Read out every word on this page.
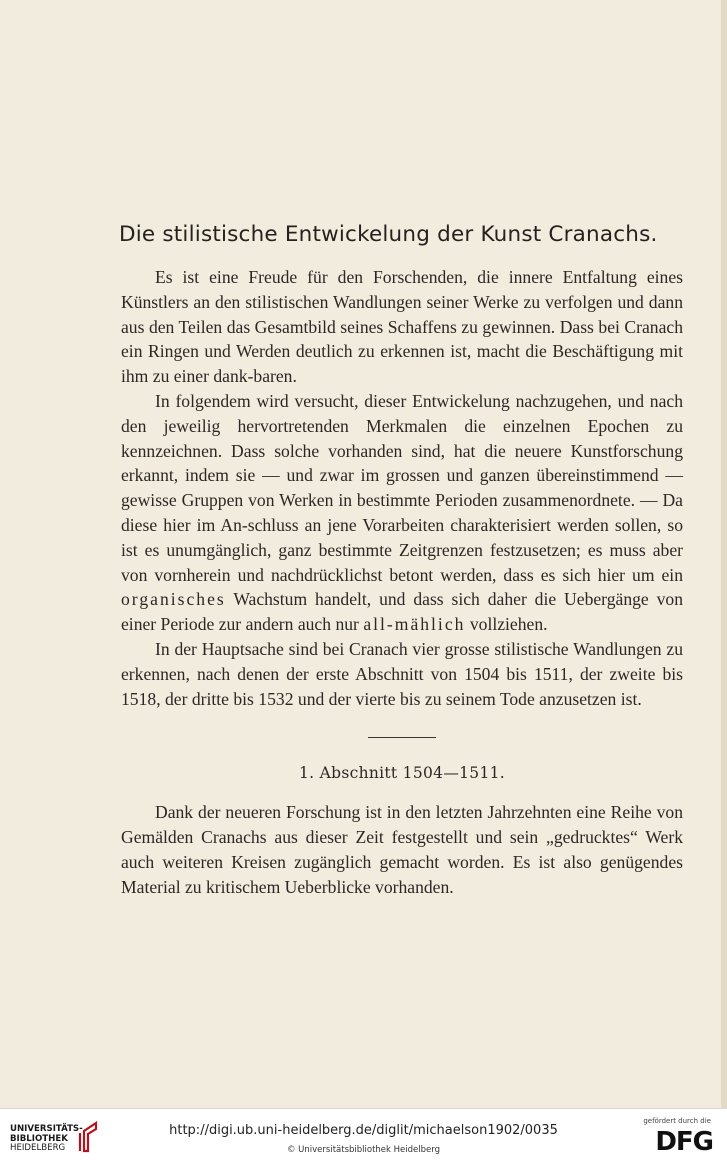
Die stilistische Entwickelung der Kunst Cranachs.

Es ist eine Freude für den Forschenden, die innere Entfaltung eines Künstlers an den stilistischen Wandlungen seiner Werke zu verfolgen und dann aus den Teilen das Gesamtbild seines Schaffens zu gewinnen. Dass bei Cranach ein Ringen und Werden deutlich zu erkennen ist, macht die Beschäftigung mit ihm zu einer dank-baren.

In folgendem wird versucht, dieser Entwickelung nachzugehen, und nach den jeweilig hervortretenden Merkmalen die einzelnen Epochen zu kennzeichnen. Dass solche vorhanden sind, hat die neuere Kunstforschung erkannt, indem sie — und zwar im grossen und ganzen übereinstimmend — gewisse Gruppen von Werken in bestimmte Perioden zusammenordnete. — Da diese hier im An-schluss an jene Vorarbeiten charakterisiert werden sollen, so ist es unumgänglich, ganz bestimmte Zeitgrenzen festzusetzen; es muss aber von vornherein und nachdrücklichst betont werden, dass es sich hier um ein organisches Wachstum handelt, und dass sich daher die Uebergänge von einer Periode zur andern auch nur all-mählich vollziehen.

In der Hauptsache sind bei Cranach vier grosse stilistische Wandlungen zu erkennen, nach denen der erste Abschnitt von 1504 bis 1511, der zweite bis 1518, der dritte bis 1532 und der vierte bis zu seinem Tode anzusetzen ist.

1. Abschnitt 1504—1511.

Dank der neueren Forschung ist in den letzten Jahrzehnten eine Reihe von Gemälden Cranachs aus dieser Zeit festgestellt und sein „gedrucktes“ Werk auch weiteren Kreisen zugänglich gemacht worden. Es ist also genügendes Material zu kritischem Ueberblicke vorhanden.

UNIVERSITÄTS-
BIBLIOTHEK
HEIDELBERG
http://digi.ub.uni-heidelberg.de/diglit/michaelson1902/0035
© Universitätsbibliothek Heidelberg
gefördert durch die
DFG
